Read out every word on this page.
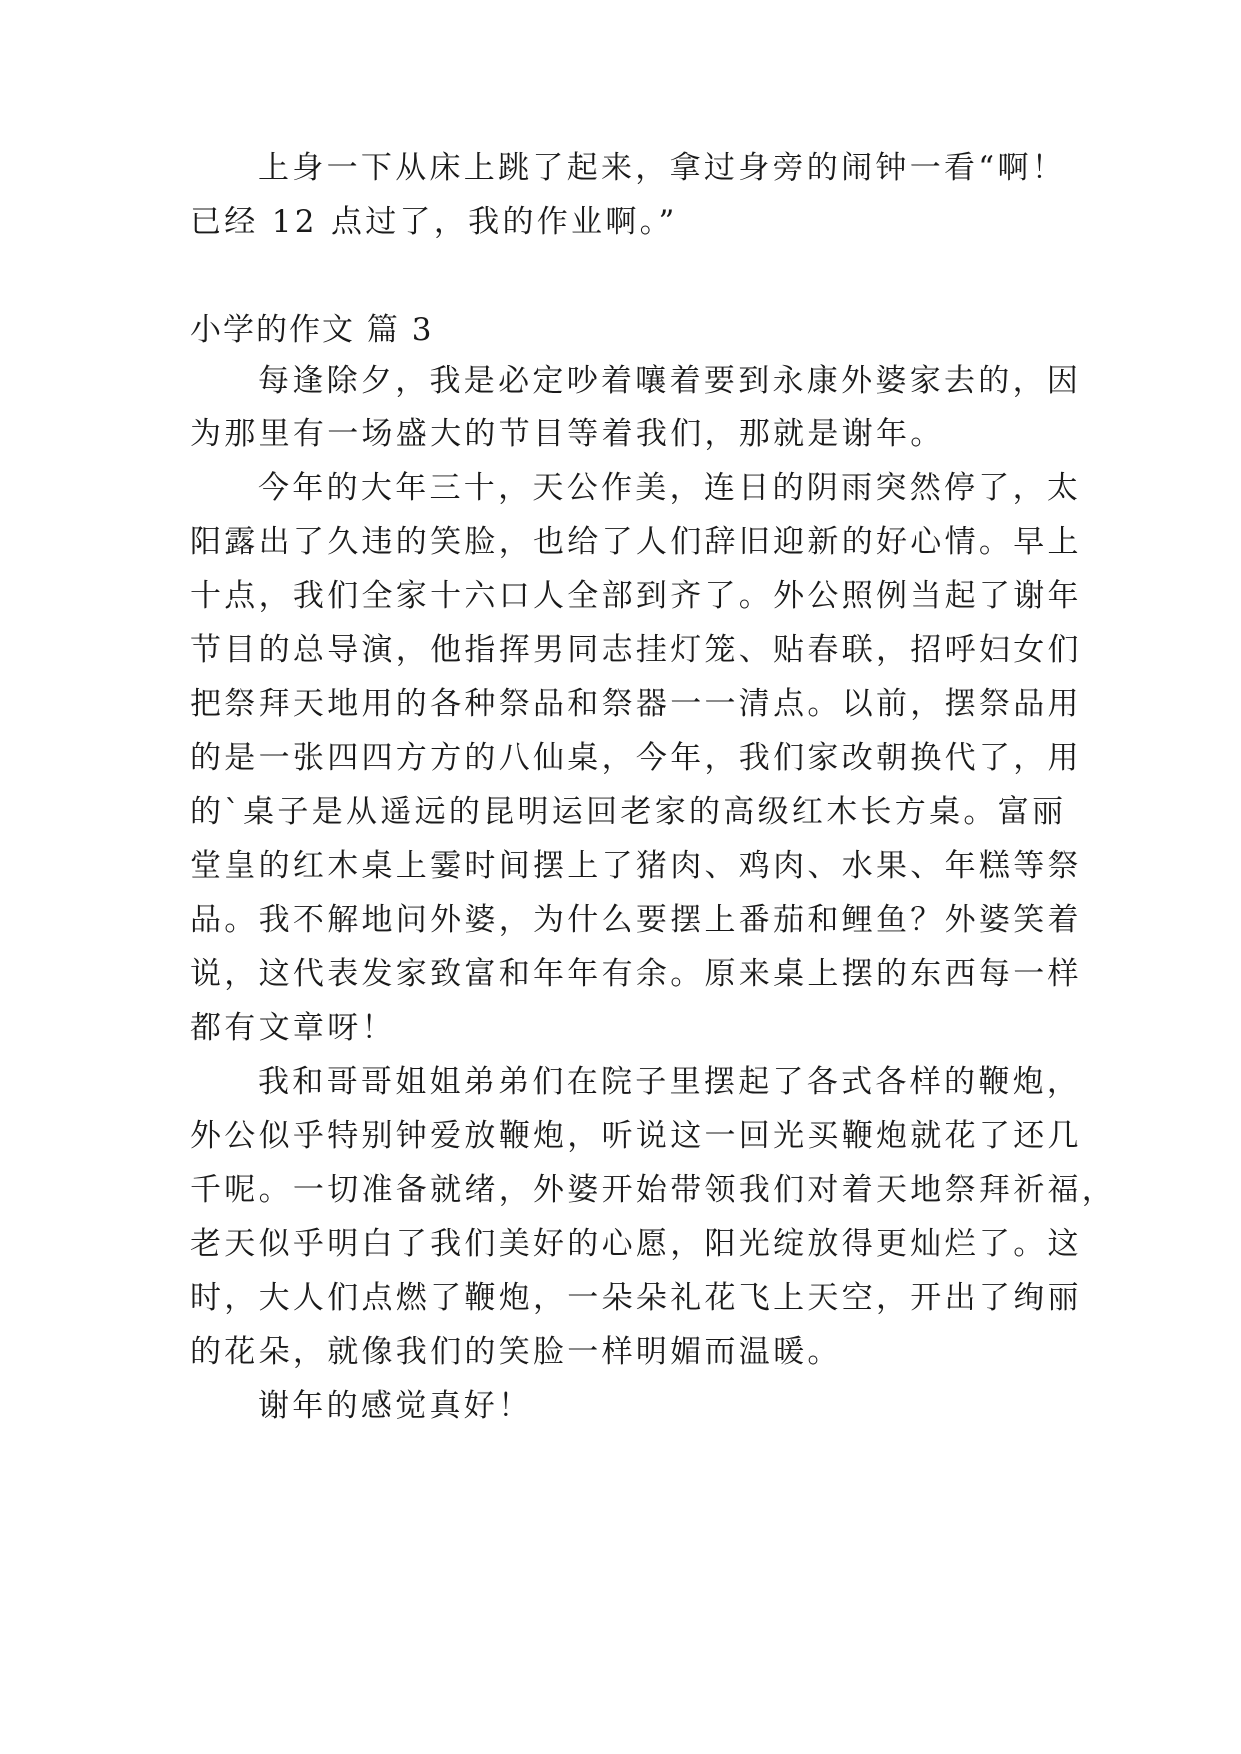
上身一下从床上跳了起来，拿过身旁的闹钟一看“啊！
已经 12 点过了，我的作业啊。”
小学的作文 篇 3
每逢除夕，我是必定吵着嚷着要到永康外婆家去的，因
为那里有一场盛大的节目等着我们，那就是谢年。
今年的大年三十，天公作美，连日的阴雨突然停了，太
阳露出了久违的笑脸，也给了人们辞旧迎新的好心情。早上
十点，我们全家十六口人全部到齐了。外公照例当起了谢年
节目的总导演，他指挥男同志挂灯笼、贴春联，招呼妇女们
把祭拜天地用的各种祭品和祭器一一清点。以前，摆祭品用
的是一张四四方方的八仙桌，今年，我们家改朝换代了，用
的`桌子是从遥远的昆明运回老家的高级红木长方桌。富丽
堂皇的红木桌上霎时间摆上了猪肉、鸡肉、水果、年糕等祭
品。我不解地问外婆，为什么要摆上番茄和鲤鱼？外婆笑着
说，这代表发家致富和年年有余。原来桌上摆的东西每一样
都有文章呀！
我和哥哥姐姐弟弟们在院子里摆起了各式各样的鞭炮，
外公似乎特别钟爱放鞭炮，听说这一回光买鞭炮就花了还几
千呢。一切准备就绪，外婆开始带领我们对着天地祭拜祈福，
老天似乎明白了我们美好的心愿，阳光绽放得更灿烂了。这
时，大人们点燃了鞭炮，一朵朵礼花飞上天空，开出了绚丽
的花朵，就像我们的笑脸一样明媚而温暖。
谢年的感觉真好！
